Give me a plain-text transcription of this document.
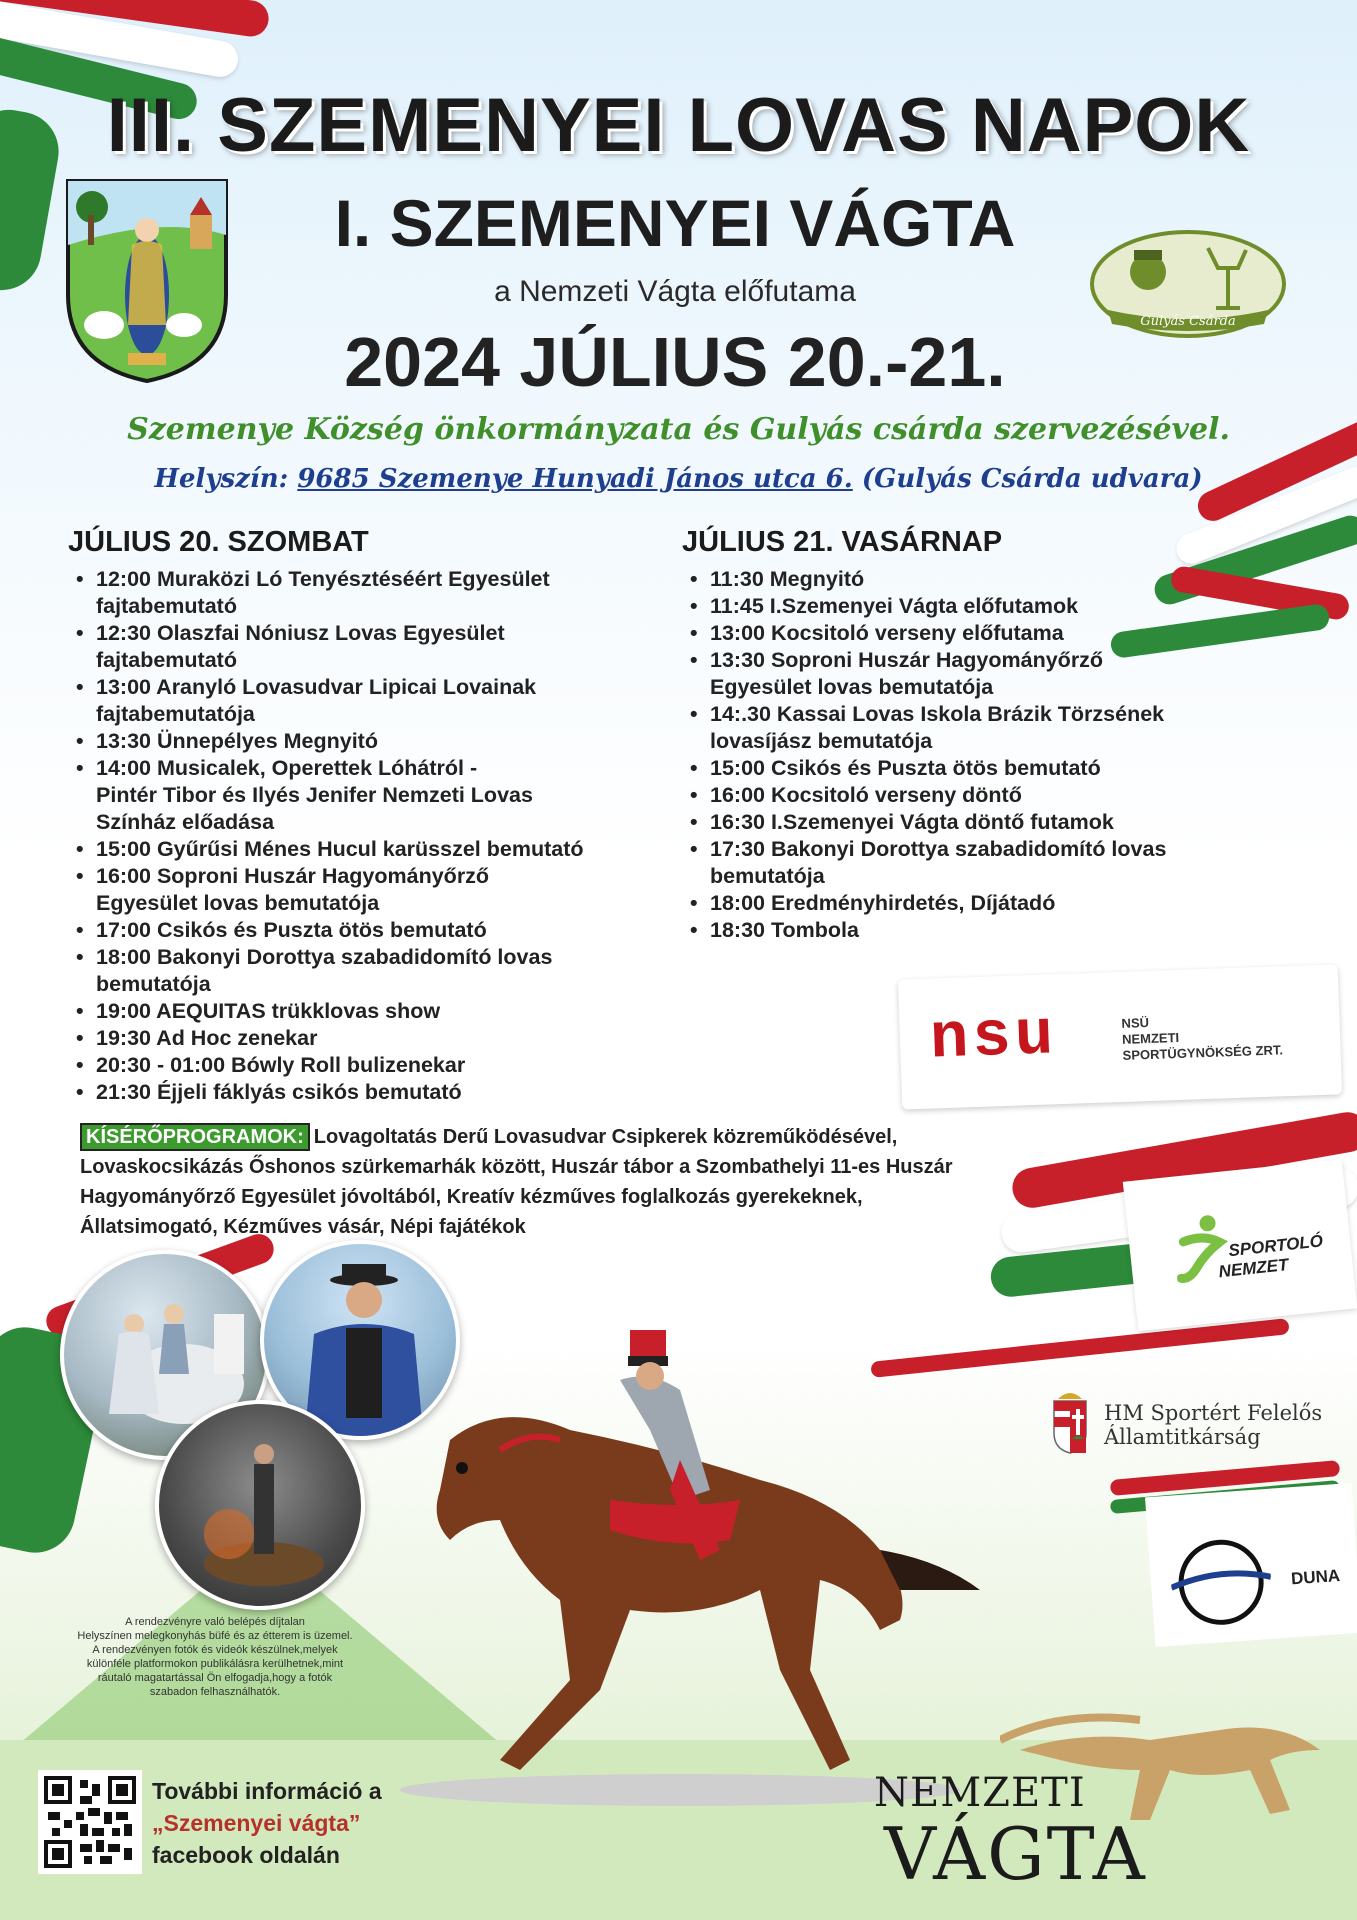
Gulyás Csárda
III. SZEMENYEI LOVAS NAPOK
I. SZEMENYEI VÁGTA
a Nemzeti Vágta előfutama
2024 JÚLIUS 20.-21.
Szemenye Község önkormányzata és Gulyás csárda szervezésével.
Helyszín: 9685 Szemenye Hunyadi János utca 6. (Gulyás Csárda udvara)
JÚLIUS 20. SZOMBAT
• 12:00 Muraközi Ló Tenyésztéséért Egyesület
fajtabemutató
• 12:30 Olaszfai Nóniusz Lovas Egyesület
fajtabemutató
• 13:00 Aranyló Lovasudvar Lipicai Lovainak
fajtabemutatója
• 13:30 Ünnepélyes Megnyitó
• 14:00 Musicalek, Operettek Lóhátról -
Pintér Tibor és Ilyés Jenifer Nemzeti Lovas
Színház előadása
• 15:00 Gyűrűsi Ménes Hucul karüsszel bemutató
• 16:00 Soproni Huszár Hagyományőrző
Egyesület lovas bemutatója
• 17:00 Csikós és Puszta ötös bemutató
• 18:00 Bakonyi Dorottya szabadidomító lovas
bemutatója
• 19:00 AEQUITAS trükklovas show
• 19:30 Ad Hoc zenekar
• 20:30 - 01:00 Bówly Roll bulizenekar
• 21:30 Éjjeli fáklyás csikós bemutató
JÚLIUS 21. VASÁRNAP
• 11:30 Megnyitó
• 11:45 I.Szemenyei Vágta előfutamok
• 13:00 Kocsitoló verseny előfutama
• 13:30 Soproni Huszár Hagyományőrző
Egyesület lovas bemutatója
• 14:.30 Kassai Lovas Iskola Brázik Törzsének
lovasíjász bemutatója
• 15:00 Csikós és Puszta ötös bemutató
• 16:00 Kocsitoló verseny döntő
• 16:30 I.Szemenyei Vágta döntő futamok
• 17:30 Bakonyi Dorottya szabadidomító lovas
bemutatója
• 18:00 Eredményhirdetés, Díjátadó
• 18:30 Tombola
nsu	NSÜ
NEMZETI
SPORTÜGYNÖKSÉG ZRT.
KÍSÉRŐPROGRAMOK: Lovagoltatás Derű Lovasudvar Csipkerek közreműködésével,
Lovaskocsikázás Őshonos szürkemarhák között, Huszár tábor a Szombathelyi 11-es Huszár
Hagyományőrző Egyesület jóvoltából, Kreatív kézműves foglalkozás gyerekeknek,
Állatsimogató, Kézműves vásár, Népi fajátékok
SPORTOLÓ
NEMZET
HM Sportért Felelős
Államtitkárság
DUNA
A rendezvényre való belépés díjtalan
Helyszínen melegkonyhás büfé és az étterem is üzemel.
A rendezvényen fotók és videók készülnek,melyek
különféle platformokon publikálásra kerülhetnek,mint
ráutaló magatartással Ön elfogadja,hogy a fotók
szabadon felhasználhatók.
További információ a
„Szemenyei vágta”
facebook oldalán
NEMZETI
VÁGTA
